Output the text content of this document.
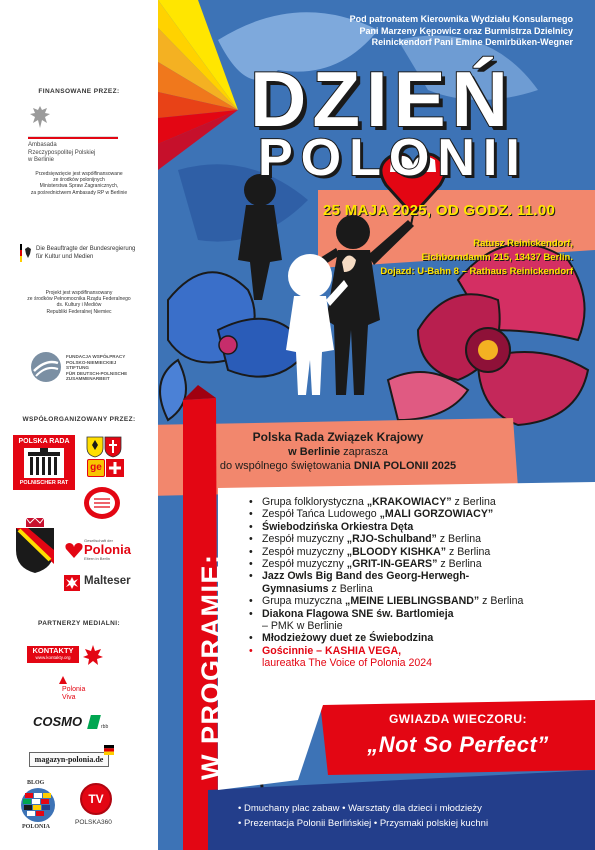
FINANSOWANE PRZEZ:
Ambasada
Rzeczypospolitej Polskiej
w Berlinie
Przedsięwzięcie jest współfinansowane
ze środków polonijnych
Ministerstwa Spraw Zagranicznych,
za pośrednictwem Ambasady RP w Berlinie
Die Beauftragte der Bundesregierung
für Kultur und Medien
Projekt jest współfinansowany
ze środków Pełnomocnika Rządu Federalnego
ds. Kultury i Mediów
Republiki Federalnej Niemiec
FUNDACJA WSPÓŁPRACY
POLSKO-NIEMIECKIEJ
STIFTUNG
FÜR DEUTSCH-POLNISCHE
ZUSAMMENARBEIT
WSPÓŁORGANIZOWANY PRZEZ:
POLSKA RADA
POLNISCHER RAT
ge
Gesellschaft der
Polonia
Eltern in Berlin
Malteser
PARTNERZY MEDIALNI:
KONTAKTY
www.kontakty.org
Polonia
Viva
COSMO	rbb
magazyn-polonia.de
BLOG
POLONIA
TV
POLSKA360
Pod patronatem Kierownika Wydziału Konsularnego
Pani Marzeny Kępowicz oraz Burmistrza Dzielnicy
Reinickendorf Pani Emine Demirbüken-Wegner
DZIEŃ
POLONII
25 MAJA 2025, OD GODZ. 11.00
Ratusz Reinickendorf,
Eichborndamm 215, 13437 Berlin.
Dojazd: U-Bahn 8 – Rathaus Reinickendorf
Polska Rada Związek Krajowy
w Berlinie zaprasza
do wspólnego świętowania DNIA POLONII 2025
W PROGRAMIE:
• Grupa folklorystyczna „KRAKOWIACY” z Berlina
• Zespół Tańca Ludowego „MALI GORZOWIACY”
• Świebodzińska Orkiestra Dęta
• Zespół muzyczny „RJO-Schulband” z Berlina
• Zespół muzyczny „BLOODY KISHKA” z Berlina
• Zespół muzyczny „GRIT-IN-GEARS” z Berlina
• Jazz Owls Big Band des Georg-Herwegh-
Gymnasiums z Berlina
• Grupa muzyczna „MEINE LIEBLINGSBAND” z Berlina
• Diakona Flagowa SNE św. Bartlomieja
– PMK w Berlinie
• Młodzieżowy duet ze Świebodzina
• Gościnnie – KASHIA VEGA,
laureatka The Voice of Polonia 2024
GWIAZDA WIECZORU:
„Not So Perfect”
• Dmuchany plac zabaw • Warsztaty dla dzieci i młodzieży
• Prezentacja Polonii Berlińskiej • Przysmaki polskiej kuchni
